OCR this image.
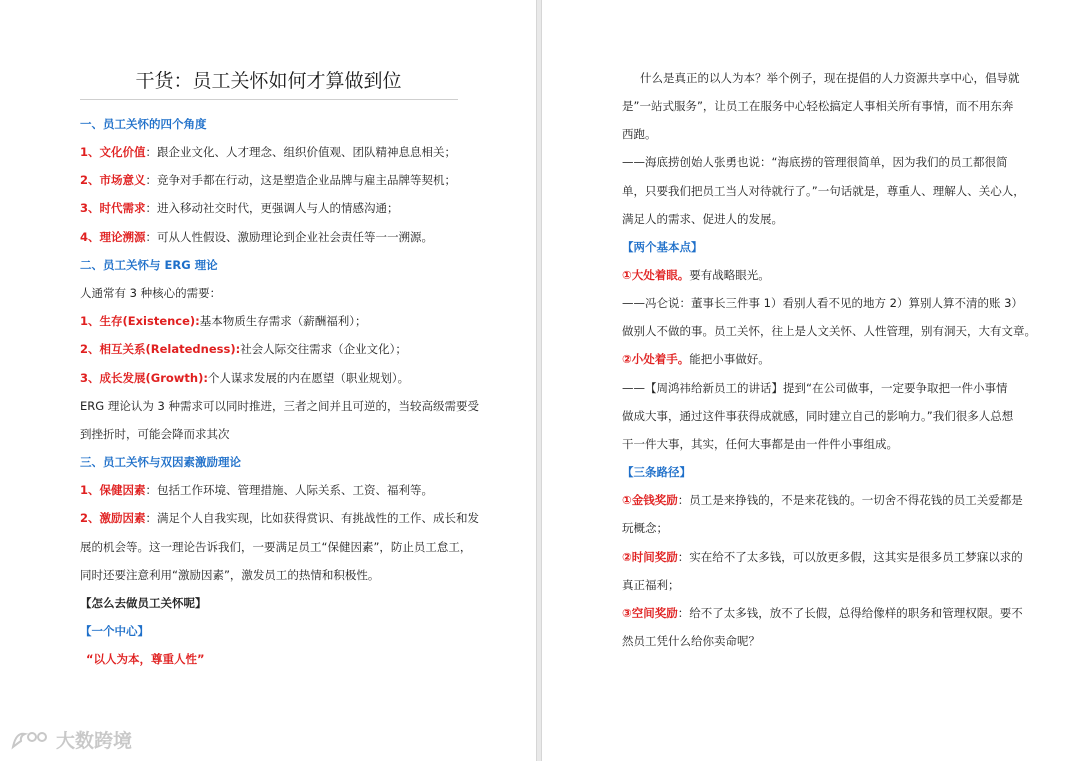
干货：员工关怀如何才算做到位
一、员工关怀的四个角度
1、文化价值：跟企业文化、人才理念、组织价值观、团队精神息息相关；
2、市场意义：竞争对手都在行动，这是塑造企业品牌与雇主品牌等契机；
3、时代需求：进入移动社交时代，更强调人与人的情感沟通；
4、理论溯源：可从人性假设、激励理论到企业社会责任等一一溯源。
二、员工关怀与 ERG 理论
人通常有 3 种核心的需要：
1、生存(Existence):基本物质生存需求（薪酬福利）；
2、相互关系(Relatedness):社会人际交往需求（企业文化）；
3、成长发展(Growth):个人谋求发展的内在愿望（职业规划）。
ERG 理论认为 3 种需求可以同时推进，三者之间并且可逆的，当较高级需要受
到挫折时，可能会降而求其次
三、员工关怀与双因素激励理论
1、保健因素：包括工作环境、管理措施、人际关系、工资、福利等。
2、激励因素：满足个人自我实现，比如获得赏识、有挑战性的工作、成长和发
展的机会等。这一理论告诉我们，一要满足员工“保健因素”，防止员工怠工，
同时还要注意利用“激励因素”，激发员工的热情和积极性。
【怎么去做员工关怀呢】
【一个中心】
“以人为本，尊重人性”
什么是真正的以人为本？举个例子，现在提倡的人力资源共享中心，倡导就
是”一站式服务”，让员工在服务中心轻松搞定人事相关所有事情，而不用东奔
西跑。
——海底捞创始人张勇也说：“海底捞的管理很简单，因为我们的员工都很简
单，只要我们把员工当人对待就行了。”一句话就是，尊重人、理解人、关心人，
满足人的需求、促进人的发展。
【两个基本点】
①大处着眼。要有战略眼光。
——冯仑说：董事长三件事 1）看别人看不见的地方 2）算别人算不清的账 3）
做别人不做的事。员工关怀，往上是人文关怀、人性管理，别有洞天，大有文章。
②小处着手。能把小事做好。
——【周鸿祎给新员工的讲话】提到“在公司做事，一定要争取把一件小事情
做成大事，通过这件事获得成就感，同时建立自己的影响力。”我们很多人总想
干一件大事，其实，任何大事都是由一件件小事组成。
【三条路径】
①金钱奖励：员工是来挣钱的，不是来花钱的。一切舍不得花钱的员工关爱都是
玩概念；
②时间奖励：实在给不了太多钱，可以放更多假，这其实是很多员工梦寐以求的
真正福利；
③空间奖励：给不了太多钱，放不了长假，总得给像样的职务和管理权限。要不
然员工凭什么给你卖命呢？
大数跨境
